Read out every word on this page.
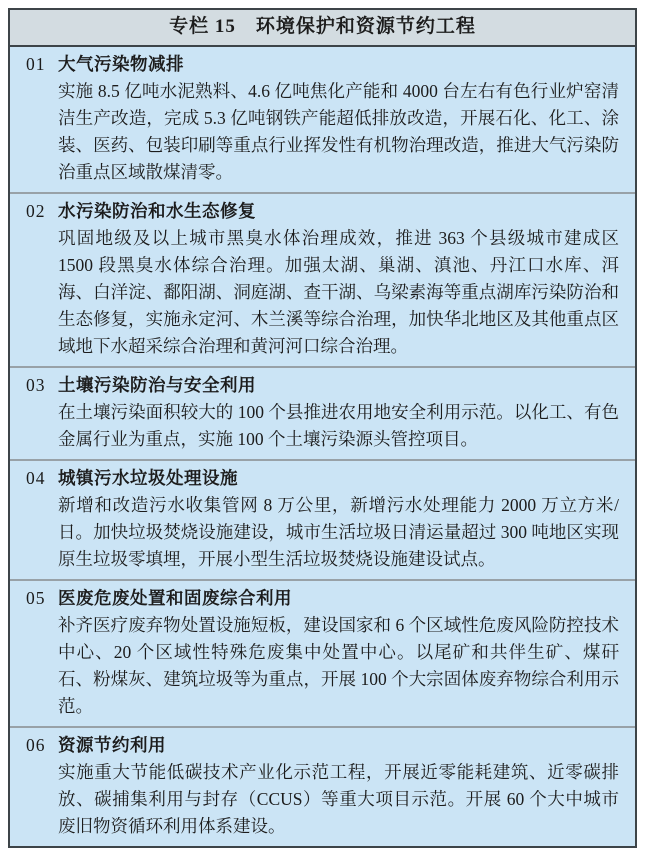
专栏 15　环境保护和资源节约工程
01 大气污染物减排

实施 8.5 亿吨水泥熟料、4.6 亿吨焦化产能和 4000 台左右有色行业炉窑清洁生产改造，完成 5.3 亿吨钢铁产能超低排放改造，开展石化、化工、涂装、医药、包装印刷等重点行业挥发性有机物治理改造，推进大气污染防治重点区域散煤清零。

02 水污染防治和水生态修复

巩固地级及以上城市黑臭水体治理成效，推进 363 个县级城市建成区 1500 段黑臭水体综合治理。加强太湖、巢湖、滇池、丹江口水库、洱海、白洋淀、鄱阳湖、洞庭湖、查干湖、乌梁素海等重点湖库污染防治和生态修复，实施永定河、木兰溪等综合治理，加快华北地区及其他重点区域地下水超采综合治理和黄河河口综合治理。

03 土壤污染防治与安全利用

在土壤污染面积较大的 100 个县推进农用地安全利用示范。以化工、有色金属行业为重点，实施 100 个土壤污染源头管控项目。

04 城镇污水垃圾处理设施

新增和改造污水收集管网 8 万公里，新增污水处理能力 2000 万立方米/日。加快垃圾焚烧设施建设，城市生活垃圾日清运量超过 300 吨地区实现原生垃圾零填埋，开展小型生活垃圾焚烧设施建设试点。

05 医废危废处置和固废综合利用

补齐医疗废弃物处置设施短板，建设国家和 6 个区域性危废风险防控技术中心、20 个区域性特殊危废集中处置中心。以尾矿和共伴生矿、煤矸石、粉煤灰、建筑垃圾等为重点，开展 100 个大宗固体废弃物综合利用示范。

06 资源节约利用

实施重大节能低碳技术产业化示范工程，开展近零能耗建筑、近零碳排放、碳捕集利用与封存（CCUS）等重大项目示范。开展 60 个大中城市废旧物资循环利用体系建设。
